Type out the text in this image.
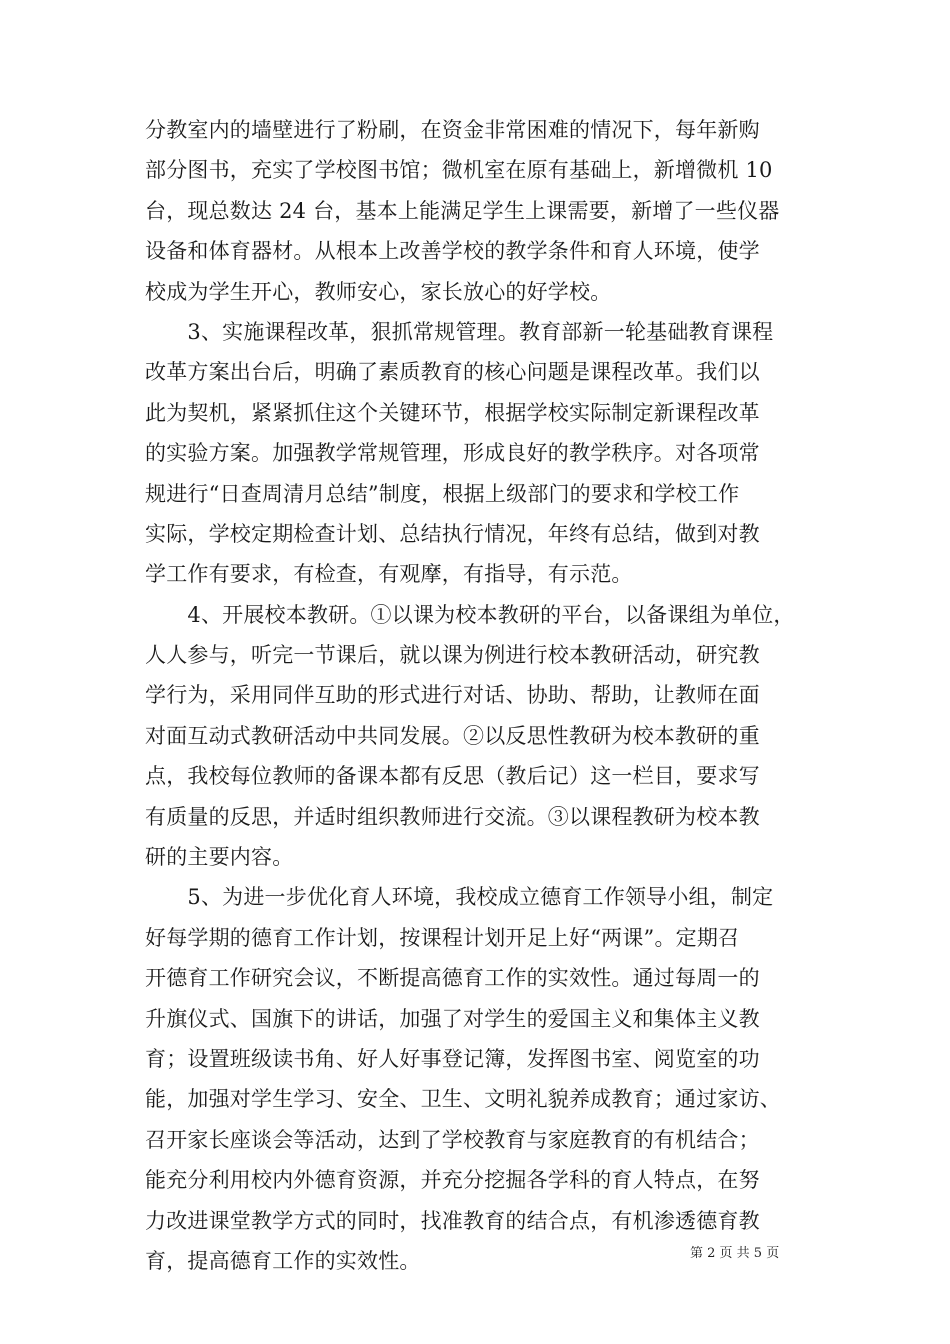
分教室内的墙壁进行了粉刷，在资金非常困难的情况下，每年新购
部分图书，充实了学校图书馆；微机室在原有基础上，新增微机 10
台，现总数达 24 台，基本上能满足学生上课需要，新增了一些仪器
设备和体育器材。从根本上改善学校的教学条件和育人环境，使学
校成为学生开心，教师安心，家长放心的好学校。
　　3、实施课程改革，狠抓常规管理。教育部新一轮基础教育课程
改革方案出台后，明确了素质教育的核心问题是课程改革。我们以
此为契机，紧紧抓住这个关键环节，根据学校实际制定新课程改革
的实验方案。加强教学常规管理，形成良好的教学秩序。对各项常
规进行“日查周清月总结”制度，根据上级部门的要求和学校工作
实际，学校定期检查计划、总结执行情况，年终有总结，做到对教
学工作有要求，有检查，有观摩，有指导，有示范。
　　4、开展校本教研。①以课为校本教研的平台，以备课组为单位，
人人参与，听完一节课后，就以课为例进行校本教研活动，研究教
学行为，采用同伴互助的形式进行对话、协助、帮助，让教师在面
对面互动式教研活动中共同发展。②以反思性教研为校本教研的重
点，我校每位教师的备课本都有反思（教后记）这一栏目，要求写
有质量的反思，并适时组织教师进行交流。③以课程教研为校本教
研的主要内容。
　　5、为进一步优化育人环境，我校成立德育工作领导小组，制定
好每学期的德育工作计划，按课程计划开足上好“两课”。定期召
开德育工作研究会议，不断提高德育工作的实效性。通过每周一的
升旗仪式、国旗下的讲话，加强了对学生的爱国主义和集体主义教
育；设置班级读书角、好人好事登记簿，发挥图书室、阅览室的功
能，加强对学生学习、安全、卫生、文明礼貌养成教育；通过家访、
召开家长座谈会等活动，达到了学校教育与家庭教育的有机结合；
能充分利用校内外德育资源，并充分挖掘各学科的育人特点，在努
力改进课堂教学方式的同时，找准教育的结合点，有机渗透德育教
育，提高德育工作的实效性。	第 2 页 共 5 页
